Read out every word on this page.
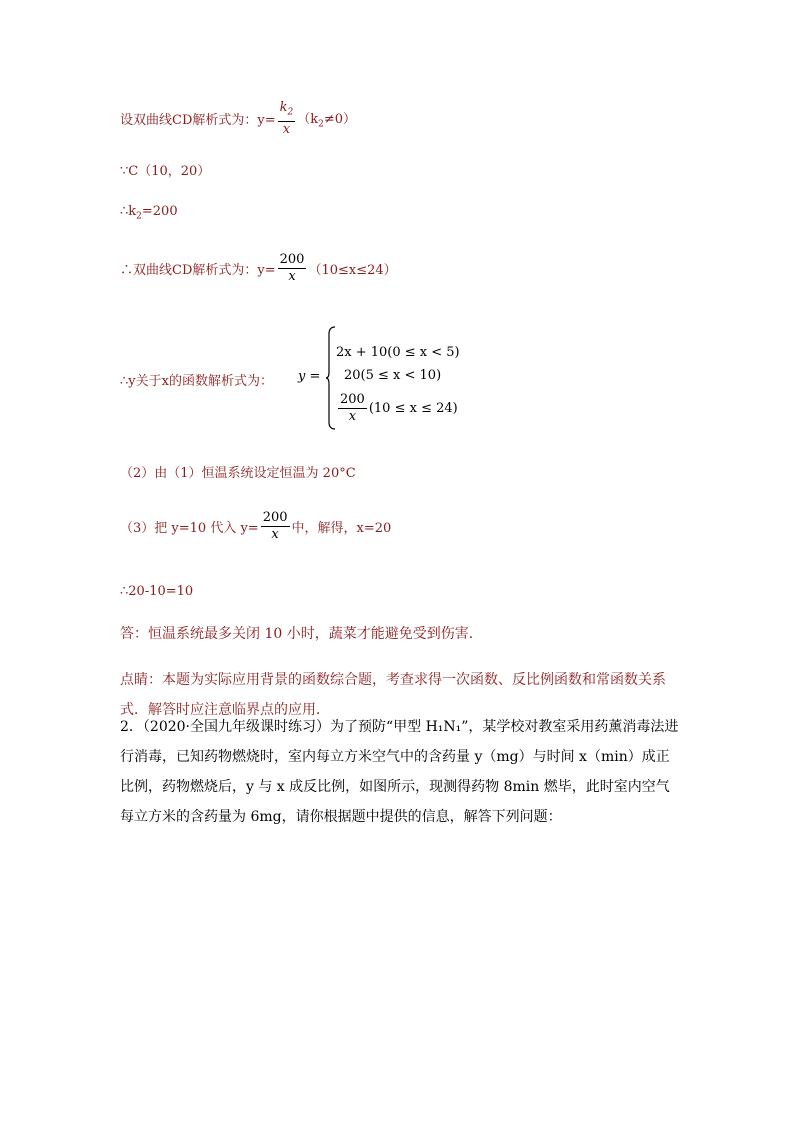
设双曲线CD解析式为：$y= \frac{k_2}{x} (k_2\ne 0)$
∵C（10，20）
$\therefore k_2=200$
∴双曲线CD解析式为：$y= \frac{200}{x} (10\le x\le 24)$
∴y关于x的函数解析式为： y =
2x + 10(0 ≤ x < 5)
20(5 ≤ x < 10)
$\frac{200}{x} (10 \le x \le 24)$
（2）由（1）恒温系统设定恒温为 20°C
（3）把 y=10 代入 $y= \frac{200}{x}$ 中，解得，x=20
∴20-10=10
答：恒温系统最多关闭 10 小时，蔬菜才能避免受到伤害．
点睛：本题为实际应用背景的函数综合题，考查求得一次函数、反比例函数和常函数关系式．解答时应注意临界点的应用．
2．（2020·全国九年级课时练习）为了预防“甲型 H₁N₁”，某学校对教室采用药薰消毒法进行消毒，已知药物燃烧时，室内每立方米空气中的含药量 y（mg）与时间 x（min）成正比例，药物燃烧后，y 与 x 成反比例，如图所示，现测得药物 8min 燃毕，此时室内空气每立方米的含药量为 6mg，请你根据题中提供的信息，解答下列问题：
